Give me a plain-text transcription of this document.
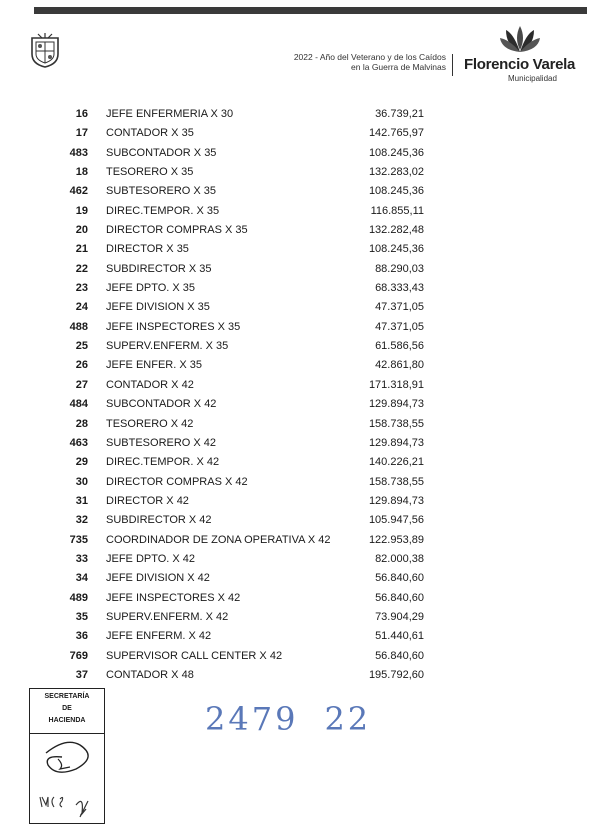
2022 - Año del Veterano y de los Caídos
en la Guerra de Malvinas Florencio Varela
Municipalidad
16 JEFE ENFERMERIA X 30	36.739,21
17 CONTADOR X 35	142.765,97
483 SUBCONTADOR X 35	108.245,36
18 TESORERO X 35	132.283,02
462 SUBTESORERO X 35	108.245,36
19 DIREC.TEMPOR. X 35	116.855,11
20 DIRECTOR COMPRAS X 35	132.282,48
21 DIRECTOR X 35	108.245,36
22 SUBDIRECTOR X 35	88.290,03
23 JEFE DPTO. X 35	68.333,43
24 JEFE DIVISION X 35	47.371,05
488 JEFE INSPECTORES X 35	47.371,05
25 SUPERV.ENFERM. X 35	61.586,56
26 JEFE ENFER. X 35	42.861,80
27 CONTADOR X 42	171.318,91
484 SUBCONTADOR X 42	129.894,73
28 TESORERO X 42	158.738,55
463 SUBTESORERO X 42	129.894,73
29 DIREC.TEMPOR. X 42	140.226,21
30 DIRECTOR COMPRAS X 42	158.738,55
31 DIRECTOR X 42	129.894,73
32 SUBDIRECTOR X 42	105.947,56
735 COORDINADOR DE ZONA OPERATIVA X 42	122.953,89
33 JEFE DPTO. X 42	82.000,38
34 JEFE DIVISION X 42	56.840,60
489 JEFE INSPECTORES X 42	56.840,60
35 SUPERV.ENFERM. X 42	73.904,29
36 JEFE ENFERM. X 42	51.440,61
769 SUPERVISOR CALL CENTER X 42	56.840,60
37 CONTADOR X 48	195.792,60
SECRETARÍA
DE
HACIENDA	2479 22
